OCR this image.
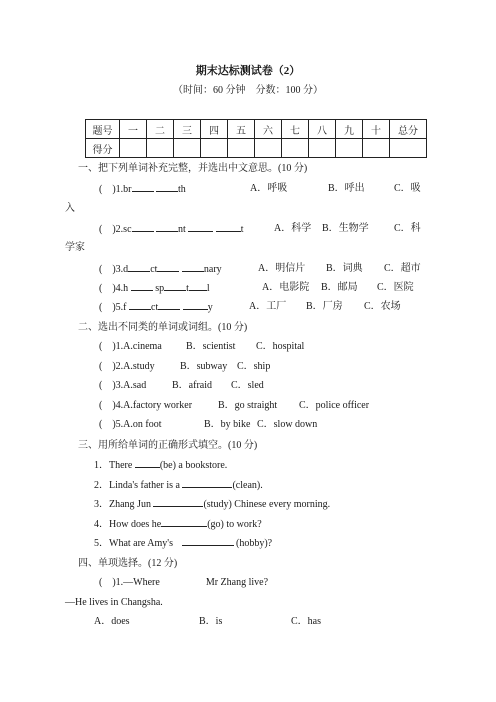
期末达标测试卷（2）
（时间：60 分钟　分数：100 分）
题号	一	二	三	四	五	六	七	八	九	十	总分
得分											
一、把下列单词补充完整，并选出中文意思。(10 分)
( )1.br	th	A．呼吸	B．呼出	C．吸
入
( )2.sc	nt	t	A．科学 B．生物学	C．科
学家
( )3.d ct	nary	A．明信片 B．词典 C．超市
( )4.h	sp t l	A．电影院 B．邮局 C．医院
( )5.f ct	y	A．工厂 B．厂房 C．农场
二、选出不同类的单词或词组。(10 分)
( )1.A.cinema B．scientist C．hospital
( )2.A.study	B．subway C．ship
( )3.A.sad	B．afraid C．sled
( )4.A.factory worker	B．go straight C．police officer
( )5.A.on foot	B．by bike C．slow down
三、用所给单词的正确形式填空。(10 分)
1．There	(be) a bookstore.
2．Linda's father is a	(clean).
3．Zhang Jun	(study) Chinese every morning.
4．How does he	(go) to work?
5．What are Amy's	(hobby)?
四、单项选择。(12 分)
( )1.—Where	Mr Zhang live?
—He lives in Changsha.
A．does	B．is	C．has
